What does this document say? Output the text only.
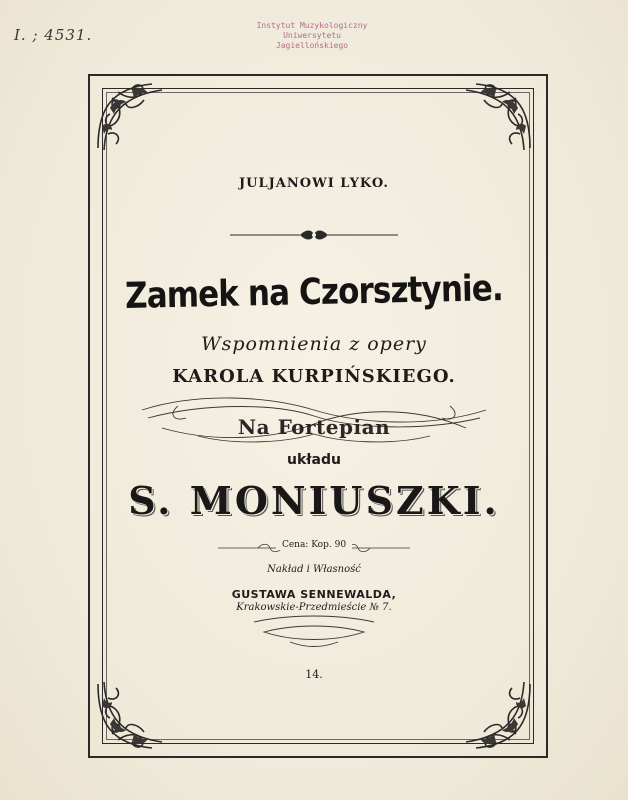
Ⅰ. ; 4531.
Instytut Muzykologiczny
Uniwersytetu Jagiellońskiego
JULJANOWI LYKO.
Zamek na Czorsztynie.
Wspomnienia z opery
KAROLA KURPIŃSKIEGO.
Na Fortepian
układu
S. MONIUSZKI.
Cena: Kop. 90
Nakład i Własność
GUSTAWA SENNEWALDA,
Krakowskie-Przedmieście № 7.
14.
